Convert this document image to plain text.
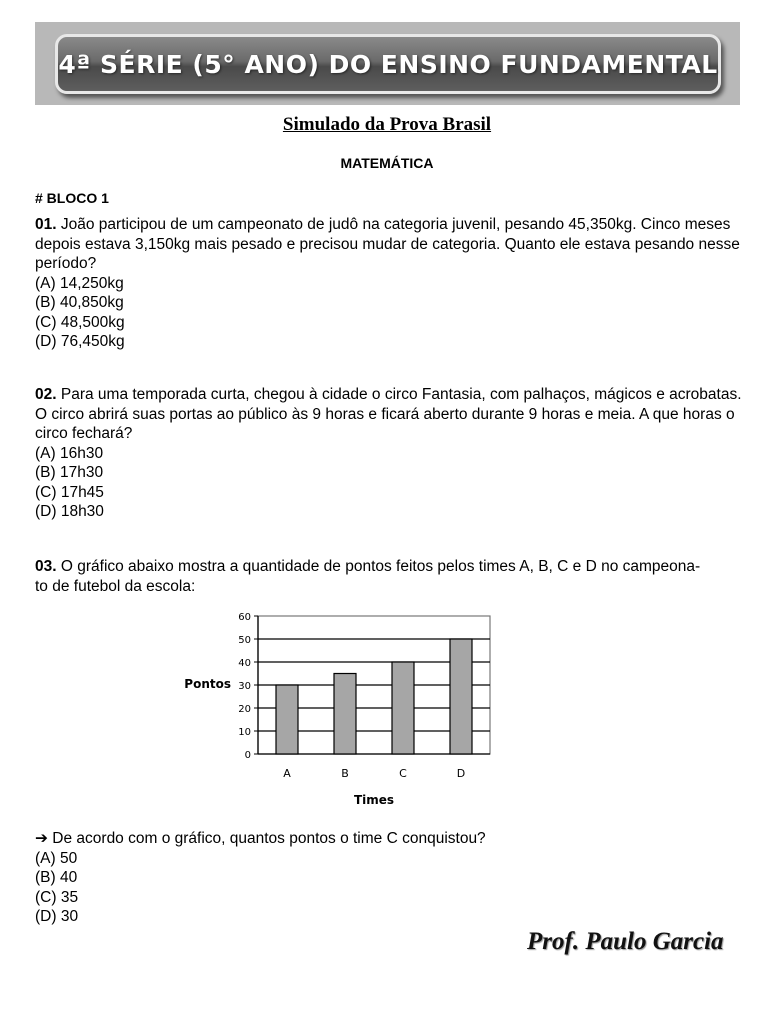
4ª SÉRIE (5° ANO) DO ENSINO FUNDAMENTAL
Simulado da Prova Brasil
MATEMÁTICA
# BLOCO 1
01. João participou de um campeonato de judô na categoria juvenil, pesando 45,350kg. Cinco meses depois estava 3,150kg mais pesado e precisou mudar de categoria. Quanto ele estava pesando nesse período?
(A) 14,250kg
(B) 40,850kg
(C) 48,500kg
(D) 76,450kg
02. Para uma temporada curta, chegou à cidade o circo Fantasia, com palhaços, mágicos e acrobatas. O circo abrirá suas portas ao público às 9 horas e ficará aberto durante 9 horas e meia. A que horas o circo fechará?
(A) 16h30
(B) 17h30
(C) 17h45
(D) 18h30
03. O gráfico abaixo mostra a quantidade de pontos feitos pelos times A, B, C e D no campeona-
to de futebol da escola:
0
10
20
30
40
50
60
A	B	C	D
Pontos
Times
➔ De acordo com o gráfico, quantos pontos o time C conquistou?
(A) 50
(B) 40
(C) 35
(D) 30
Prof. Paulo Garcia
